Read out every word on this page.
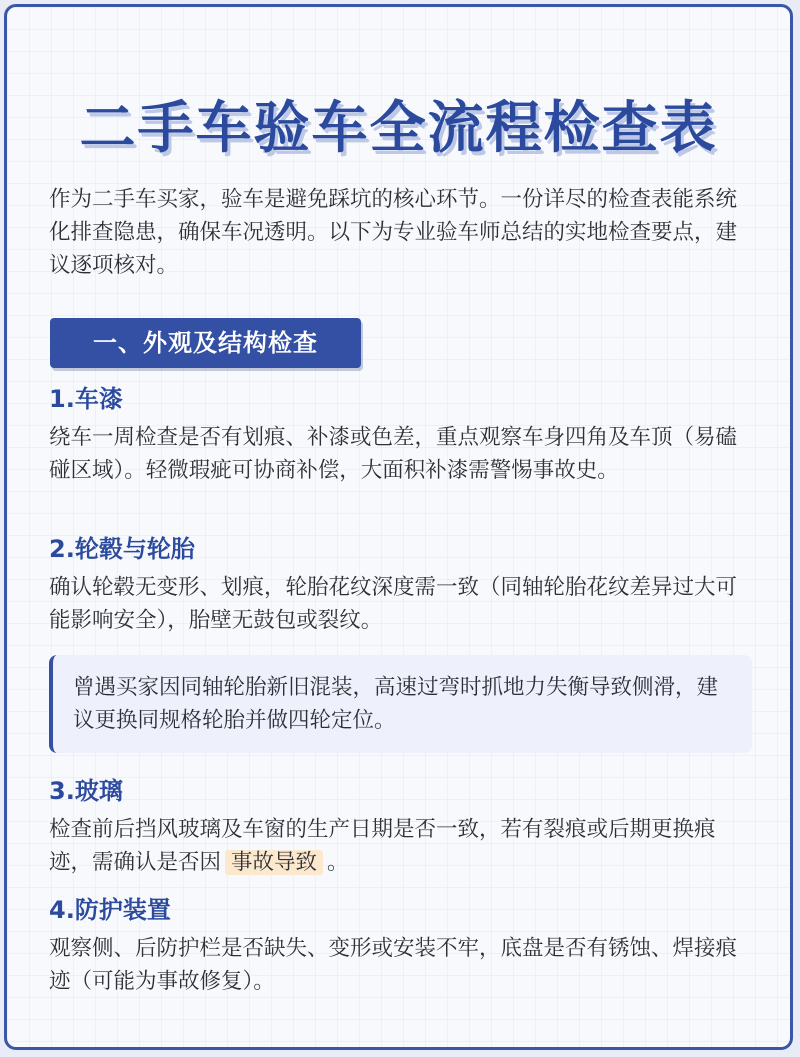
二手车验车全流程检查表
作为二手车买家，验车是避免踩坑的核心环节。一份详尽的检查表能系统化排查隐患，确保车况透明。以下为专业验车师总结的实地检查要点，建议逐项核对。
一、外观及结构检查
1.车漆
绕车一周检查是否有划痕、补漆或色差，重点观察车身四角及车顶（易磕碰区域）。轻微瑕疵可协商补偿，大面积补漆需警惕事故史。
2.轮毂与轮胎
确认轮毂无变形、划痕，轮胎花纹深度需一致（同轴轮胎花纹差异过大可能影响安全），胎壁无鼓包或裂纹。
曾遇买家因同轴轮胎新旧混装，高速过弯时抓地力失衡导致侧滑，建议更换同规格轮胎并做四轮定位。
3.玻璃
检查前后挡风玻璃及车窗的生产日期是否一致，若有裂痕或后期更换痕迹，需确认是否因 事故导致 。
4.防护装置
观察侧、后防护栏是否缺失、变形或安装不牢，底盘是否有锈蚀、焊接痕迹（可能为事故修复）。
